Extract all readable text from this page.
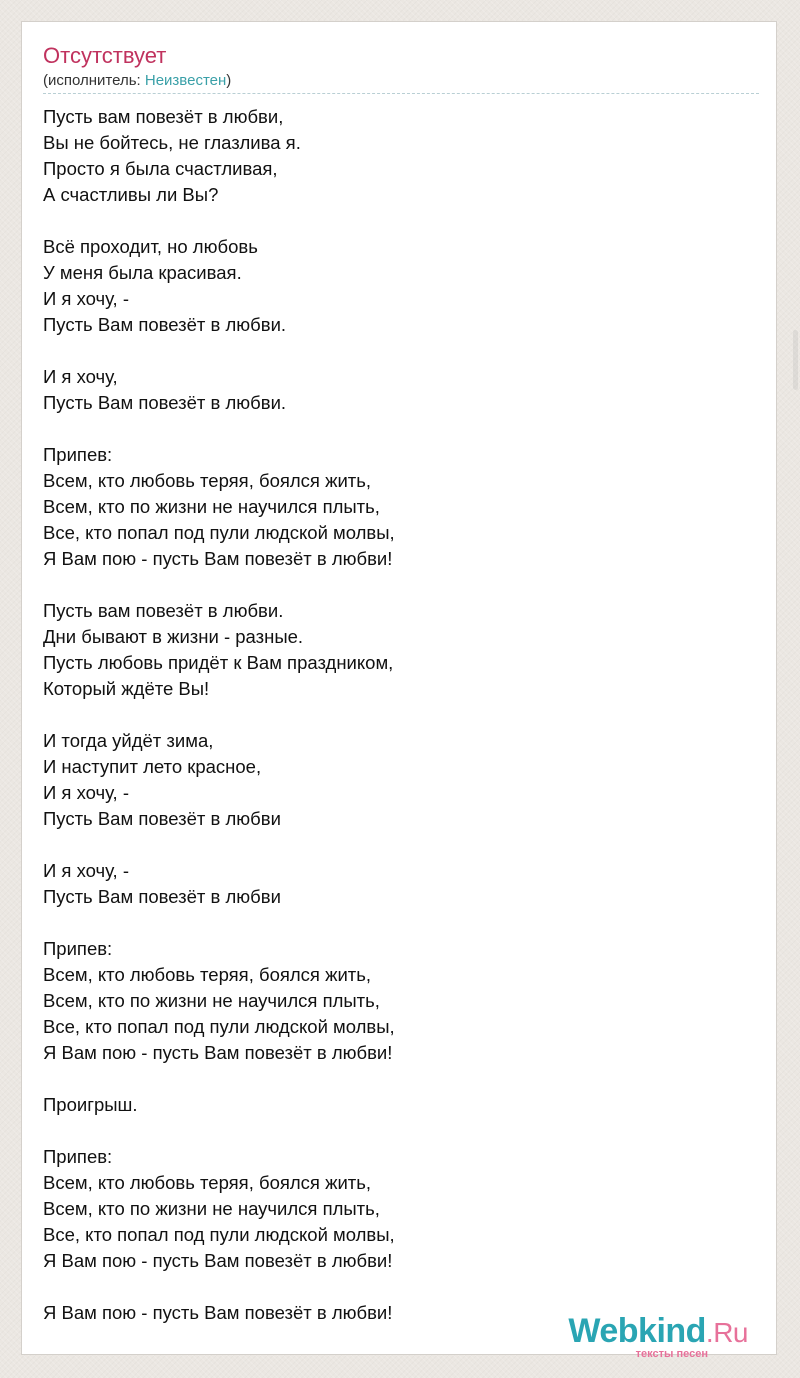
Отсутствует
(исполнитель: Неизвестен)
Пусть вам повезёт в любви,
Вы не бойтесь, не глазлива я.
Просто я была счастливая,
А счастливы ли Вы?
Всё проходит, но любовь
У меня была красивая.
И я хочу, -
Пусть Вам повезёт в любви.
И я хочу,
Пусть Вам повезёт в любви.
Припев:
Всем, кто любовь теряя, боялся жить,
Всем, кто по жизни не научился плыть,
Все, кто попал под пули людской молвы,
Я Вам пою - пусть Вам повезёт в любви!
Пусть вам повезёт в любви.
Дни бывают в жизни - разные.
Пусть любовь придёт к Вам праздником,
Который ждёте Вы!
И тогда уйдёт зима,
И наступит лето красное,
И я хочу, -
Пусть Вам повезёт в любви
И я хочу, -
Пусть Вам повезёт в любви
Припев:
Всем, кто любовь теряя, боялся жить,
Всем, кто по жизни не научился плыть,
Все, кто попал под пули людской молвы,
Я Вам пою - пусть Вам повезёт в любви!
Проигрыш.
Припев:
Всем, кто любовь теряя, боялся жить,
Всем, кто по жизни не научился плыть,
Все, кто попал под пули людской молвы,
Я Вам пою - пусть Вам повезёт в любви!
Я Вам пою - пусть Вам повезёт в любви!	Webkind.Ru
тексты песен
